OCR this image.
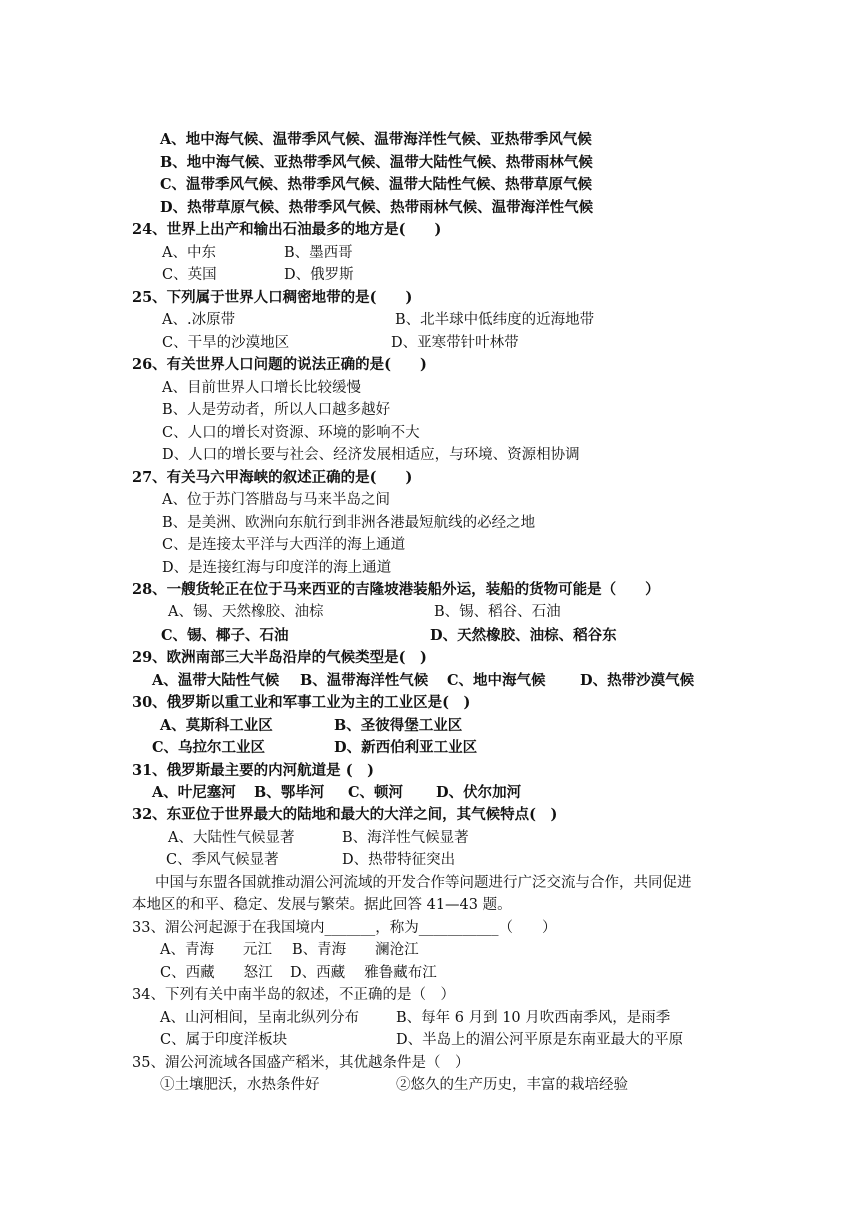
A、地中海气候、温带季风气候、温带海洋性气候、亚热带季风气候
B、地中海气候、亚热带季风气候、温带大陆性气候、热带雨林气候
C、温带季风气候、热带季风气候、温带大陆性气候、热带草原气候
D、热带草原气候、热带季风气候、热带雨林气候、温带海洋性气候
24、世界上出产和输出石油最多的地方是(　　)
A、中东	B、墨西哥
C、英国	D、俄罗斯
25、下列属于世界人口稠密地带的是(　　)
A、.冰原带	B、北半球中低纬度的近海地带
C、干旱的沙漠地区	D、亚寒带针叶林带
26、有关世界人口问题的说法正确的是(　　)
A、目前世界人口增长比较缓慢
B、人是劳动者，所以人口越多越好
C、人口的增长对资源、环境的影响不大
D、人口的增长要与社会、经济发展相适应，与环境、资源相协调
27、有关马六甲海峡的叙述正确的是(　　)
A、位于苏门答腊岛与马来半岛之间
B、是美洲、欧洲向东航行到非洲各港最短航线的必经之地
C、是连接太平洋与大西洋的海上通道
D、是连接红海与印度洋的海上通道
28、一艘货轮正在位于马来西亚的吉隆坡港装船外运，装船的货物可能是（　　）
A、锡、天然橡胶、油棕	B、锡、稻谷、石油
C、锡、椰子、石油	D、天然橡胶、油棕、稻谷东
29、欧洲南部三大半岛沿岸的气候类型是(　)
A、温带大陆性气候 B、温带海洋性气候 C、地中海气候 D、热带沙漠气候
30、俄罗斯以重工业和军事工业为主的工业区是(　)
A、莫斯科工业区	B、圣彼得堡工业区
C、乌拉尔工业区	D、新西伯利亚工业区
31、俄罗斯最主要的内河航道是 (　)
A、叶尼塞河 B、鄂毕河 C、顿河 D、伏尔加河
32、东亚位于世界最大的陆地和最大的大洋之间，其气候特点(　)
A、大陆性气候显著	B、海洋性气候显著
C、季风气候显著	D、热带特征突出
中国与东盟各国就推动湄公河流域的开发合作等问题进行广泛交流与合作，共同促进
本地区的和平、稳定、发展与繁荣。据此回答 41—43 题。
33、湄公河起源于在我国境内_______，称为___________（　　）
A、青海　　元江 B、青海　　澜沧江
C、西藏　　怒江 D、西藏　 雅鲁藏布江
34、下列有关中南半岛的叙述，不正确的是（　）
A、山河相间，呈南北纵列分布	B、每年 6 月到 10 月吹西南季风，是雨季
C、属于印度洋板块	D、半岛上的湄公河平原是东南亚最大的平原
35、湄公河流域各国盛产稻米，其优越条件是（　）
①土壤肥沃，水热条件好	②悠久的生产历史，丰富的栽培经验
